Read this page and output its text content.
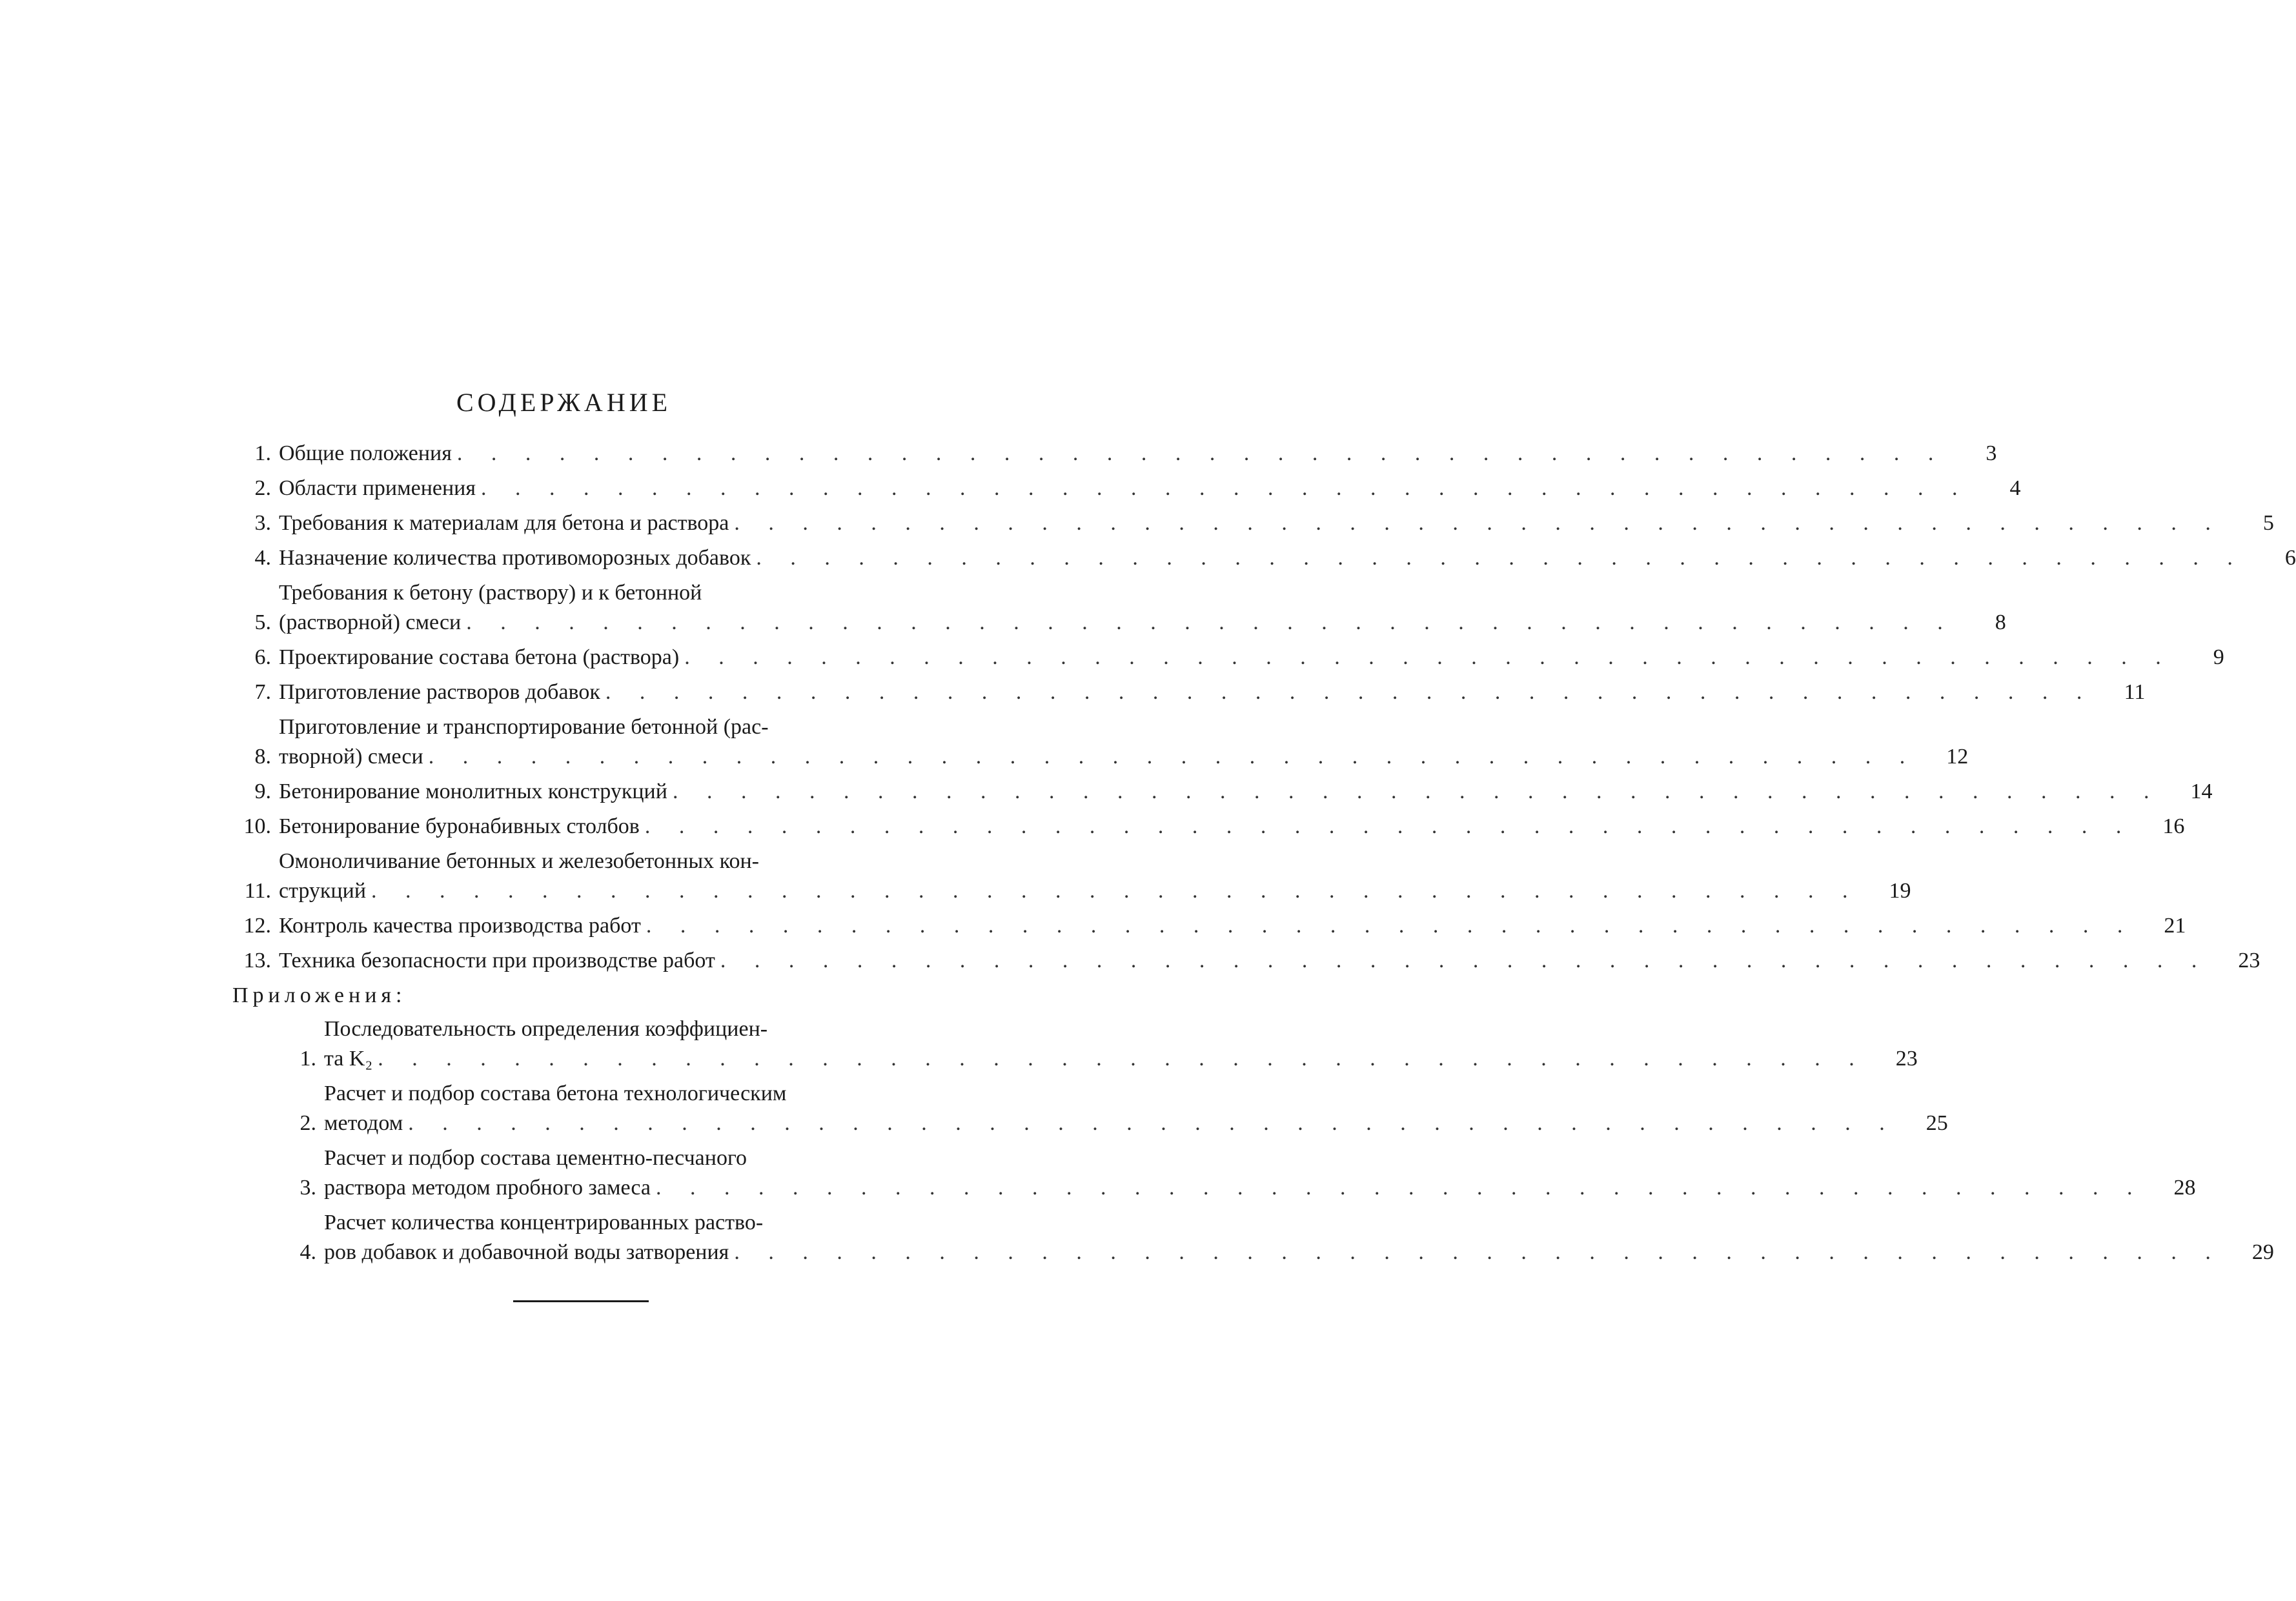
СОДЕРЖАНИЕ
1. Общие положения . . . . . . . . . . . . . . . . . . . . . . . . . . . . . . . . . . . . . . . . . . . .	3
2. Области применения . . . . . . . . . . . . . . . . . . . . . . . . . . . . . . . . . . . . . . . . . . . .	4
3. Требования к материалам для бетона и раствора . . . . . . . . . . . . . . . . . . . . . . . . . . . . . . . . . . . . . . . . . . . .	5
4. Назначение количества противоморозных добавок . . . . . . . . . . . . . . . . . . . . . . . . . . . . . . . . . . . . . . . . . . . .	6
5.
Требования к бетону (раствору) и к бетонной
(растворной) смеси . . . . . . . . . . . . . . . . . . . . . . . . . . . . . . . . . . . . . . . . . . . .	8
6. Проектирование состава бетона (раствора) . . . . . . . . . . . . . . . . . . . . . . . . . . . . . . . . . . . . . . . . . . . .	9
7. Приготовление растворов добавок . . . . . . . . . . . . . . . . . . . . . . . . . . . . . . . . . . . . . . . . . . . .	11
8.
Приготовление и транспортирование бетонной (рас-
творной) смеси . . . . . . . . . . . . . . . . . . . . . . . . . . . . . . . . . . . . . . . . . . . .	12
9. Бетонирование монолитных конструкций . . . . . . . . . . . . . . . . . . . . . . . . . . . . . . . . . . . . . . . . . . . .	14
10. Бетонирование буронабивных столбов . . . . . . . . . . . . . . . . . . . . . . . . . . . . . . . . . . . . . . . . . . . .	16
11.
Омоноличивание бетонных и железобетонных кон-
струкций . . . . . . . . . . . . . . . . . . . . . . . . . . . . . . . . . . . . . . . . . . . .	19
12. Контроль качества производства работ . . . . . . . . . . . . . . . . . . . . . . . . . . . . . . . . . . . . . . . . . . . .	21
13. Техника безопасности при производстве работ . . . . . . . . . . . . . . . . . . . . . . . . . . . . . . . . . . . . . . . . . . . .	23
Приложения:
1.
Последовательность определения коэффициен-
та K₂ . . . . . . . . . . . . . . . . . . . . . . . . . . . . . . . . . . . . . . . . . . . .	23
2.
Расчет и подбор состава бетона технологическим
методом . . . . . . . . . . . . . . . . . . . . . . . . . . . . . . . . . . . . . . . . . . . .	25
3.
Расчет и подбор состава цементно-песчаного
раствора методом пробного замеса . . . . . . . . . . . . . . . . . . . . . . . . . . . . . . . . . . . . . . . . . . . .	28
4.
Расчет количества концентрированных раство-
ров добавок и добавочной воды затворения . . . . . . . . . . . . . . . . . . . . . . . . . . . . . . . . . . . . . . . . . . . .	29
